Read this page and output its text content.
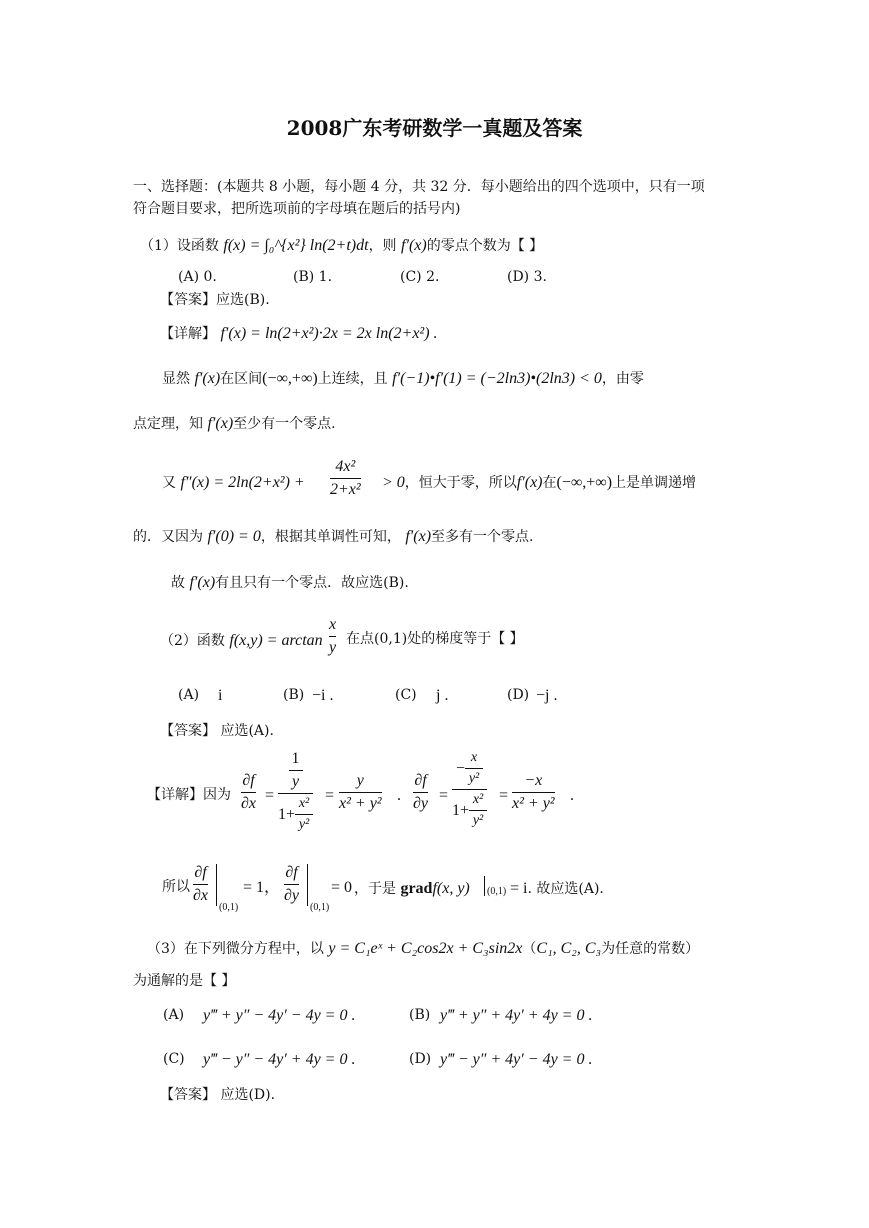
2008广东考研数学一真题及答案
一、选择题：(本题共 8 小题，每小题 4 分，共 32 分．每小题给出的四个选项中，只有一项
符合题目要求，把所选项前的字母填在题后的括号内)
（1）设函数 f(x) = ∫₀^{x²} ln(2+t)dt，则 f′(x)的零点个数为【 】
(A) 0.	(B) 1.	(C) 2.	(D) 3.
【答案】应选(B).
【详解】 f′(x) = ln(2+x²)·2x = 2x ln(2+x²) .
显然 f′(x)在区间(−∞,+∞)上连续，且 f′(−1)•f′(1) = (−2ln3)•(2ln3) < 0，由零
点定理，知 f′(x)至少有一个零点.
又 f″(x) = 2ln(2+x²) +
4x²
2+x² > 0，恒大于零，所以f′(x)在(−∞,+∞)上是单调递增
的．又因为 f′(0) = 0，根据其单调性可知， f′(x)至多有一个零点.
故 f′(x)有且只有一个零点．故应选(B).
（2）函数 f(x,y) = arctan
x
y 在点(0,1)处的梯度等于【 】
(A) i	(B) −i .	(C) j .	(D) −j .
【答案】 应选(A).
【详解】因为
∂f
∂x =
1
y
1+
x²
y²
=
y
x² + y² .
∂f
∂y =
−
x
y²
1+
x²
y²
=
−x
x² + y² .
所以
∂f
∂x
(0,1)
= 1，
∂f
∂y
(0,1)
= 0 ，于是 gradf(x, y) (0,1) = i. 故应选(A).
（3）在下列微分方程中，以 y = C₁eˣ + C₂cos2x + C₃sin2x（C₁, C₂, C₃为任意的常数）
为通解的是【 】
(A) y‴ + y″ − 4y′ − 4y = 0 .	(B) y‴ + y″ + 4y′ + 4y = 0 .
(C) y‴ − y″ − 4y′ + 4y = 0 .	(D) y‴ − y″ + 4y′ − 4y = 0 .
【答案】 应选(D).
